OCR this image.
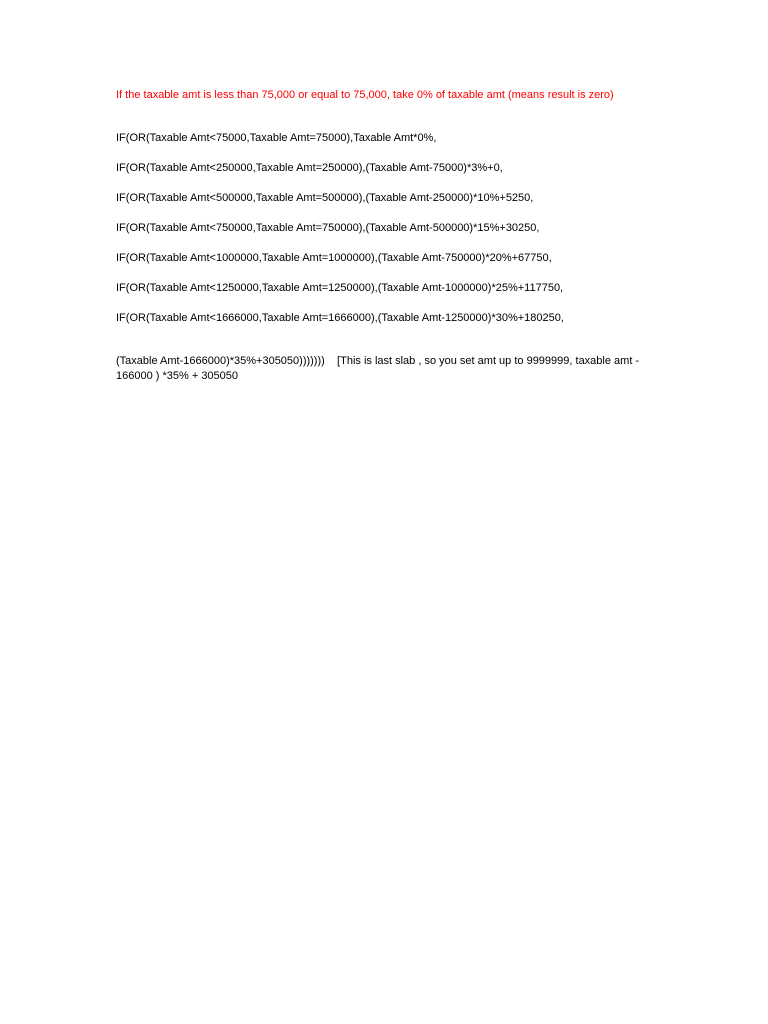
If the taxable amt is less than 75,000 or equal to 75,000, take 0% of taxable amt (means result is zero)
IF(OR(Taxable Amt<75000,Taxable Amt=75000),Taxable Amt*0%,
IF(OR(Taxable Amt<250000,Taxable Amt=250000),(Taxable Amt-75000)*3%+0,
IF(OR(Taxable Amt<500000,Taxable Amt=500000),(Taxable Amt-250000)*10%+5250,
IF(OR(Taxable Amt<750000,Taxable Amt=750000),(Taxable Amt-500000)*15%+30250,
IF(OR(Taxable Amt<1000000,Taxable Amt=1000000),(Taxable Amt-750000)*20%+67750,
IF(OR(Taxable Amt<1250000,Taxable Amt=1250000),(Taxable Amt-1000000)*25%+117750,
IF(OR(Taxable Amt<1666000,Taxable Amt=1666000),(Taxable Amt-1250000)*30%+180250,
(Taxable Amt-1666000)*35%+305050))))))) [This is last slab , so you set amt up to 9999999, taxable amt - 166000 ) *35% + 305050
